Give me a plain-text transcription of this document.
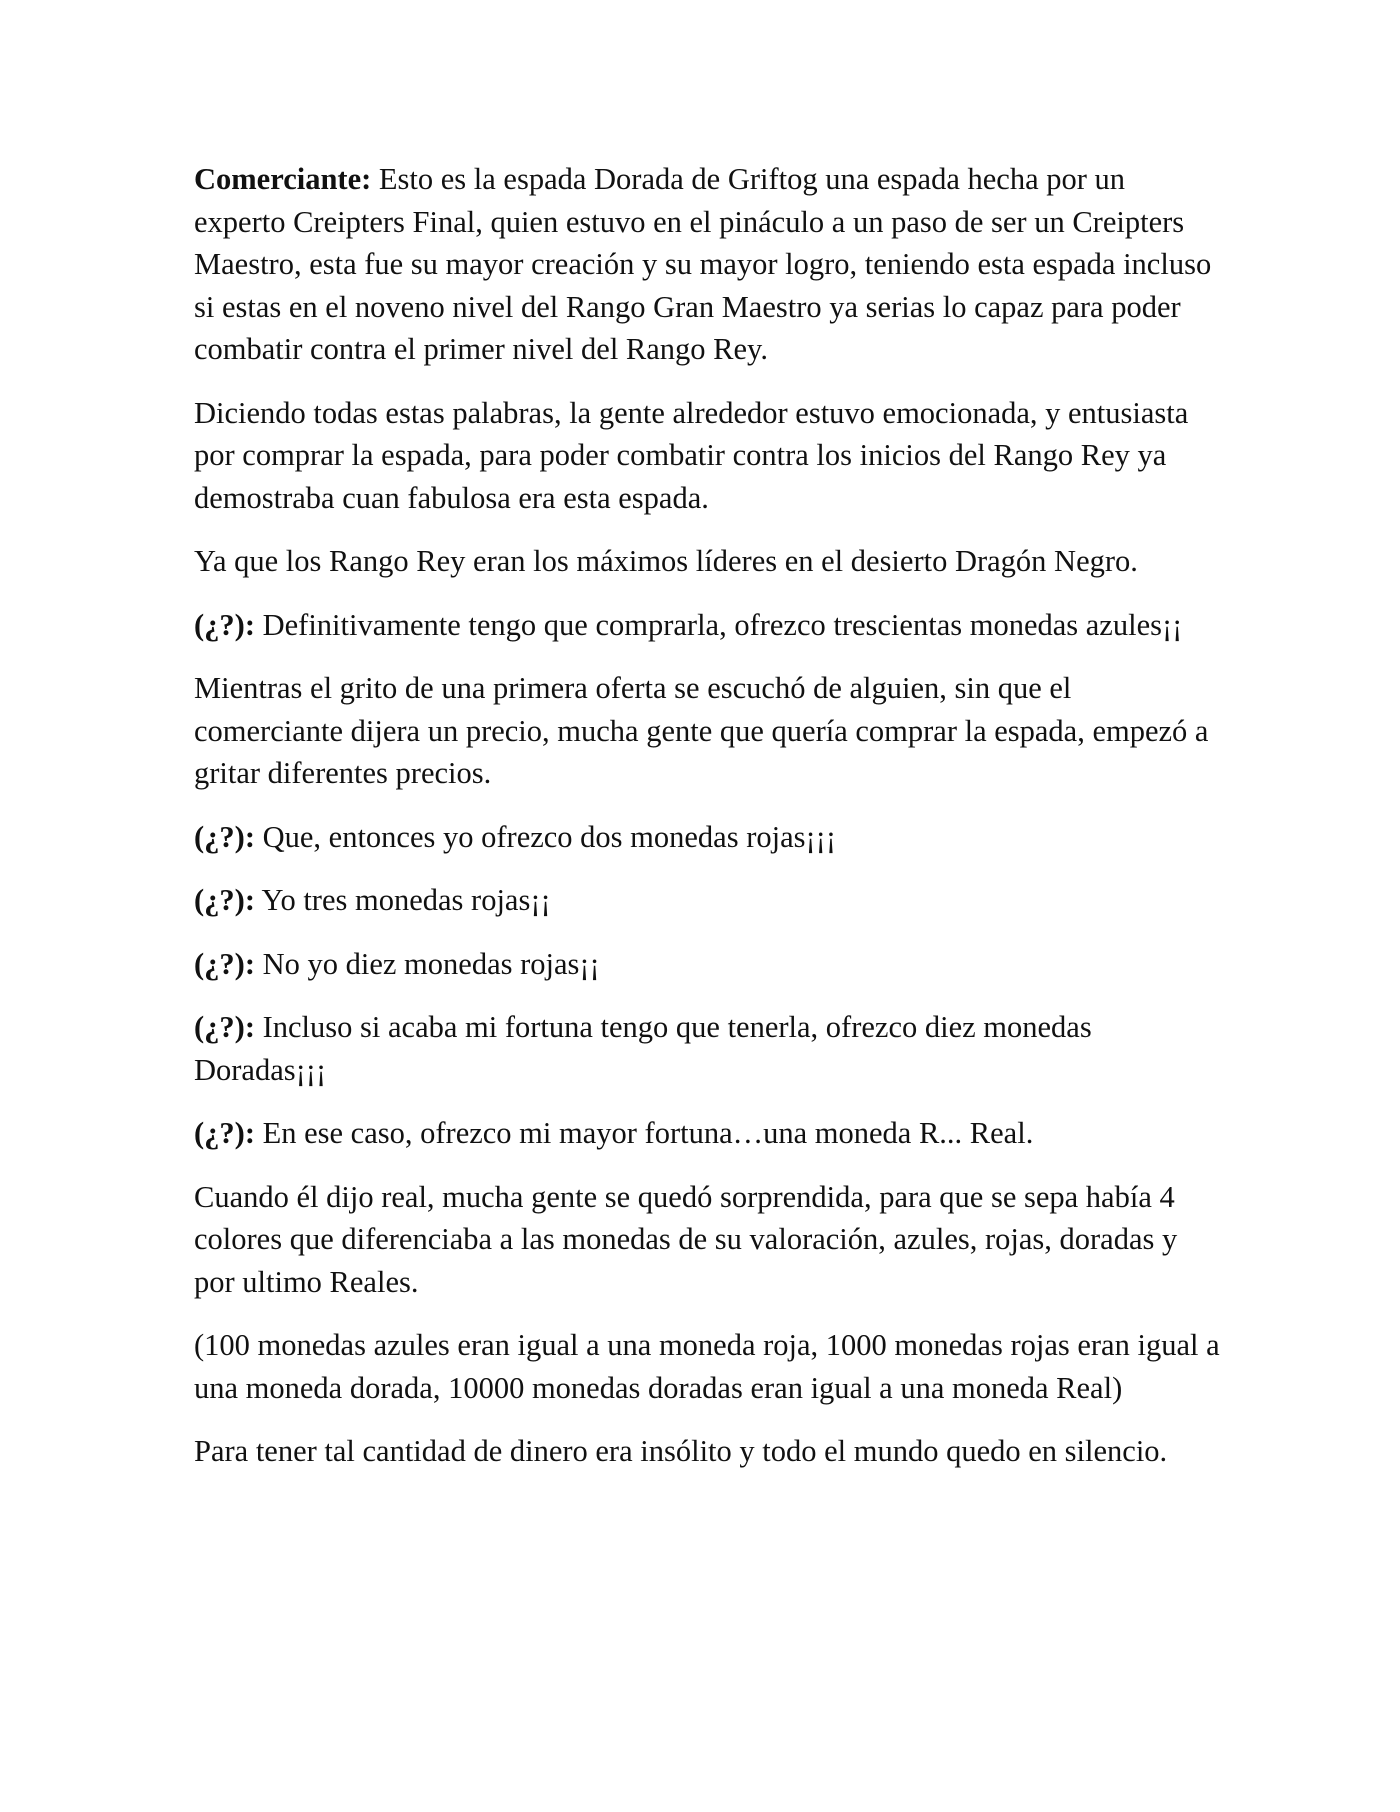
Comerciante: Esto es la espada Dorada de Griftog una espada hecha por un experto Creipters Final, quien estuvo en el pináculo a un paso de ser un Creipters Maestro, esta fue su mayor creación y su mayor logro, teniendo esta espada incluso si estas en el noveno nivel del Rango Gran Maestro ya serias lo capaz para poder combatir contra el primer nivel del Rango Rey.

Diciendo todas estas palabras, la gente alrededor estuvo emocionada, y entusiasta por comprar la espada, para poder combatir contra los inicios del Rango Rey ya demostraba cuan fabulosa era esta espada.

Ya que los Rango Rey eran los máximos líderes en el desierto Dragón Negro.

(¿?): Definitivamente tengo que comprarla, ofrezco trescientas monedas azules¡¡

Mientras el grito de una primera oferta se escuchó de alguien, sin que el comerciante dijera un precio, mucha gente que quería comprar la espada, empezó a gritar diferentes precios.

(¿?): Que, entonces yo ofrezco dos monedas rojas¡¡¡

(¿?): Yo tres monedas rojas¡¡

(¿?): No yo diez monedas rojas¡¡

(¿?): Incluso si acaba mi fortuna tengo que tenerla, ofrezco diez monedas Doradas¡¡¡

(¿?): En ese caso, ofrezco mi mayor fortuna…una moneda R... Real.

Cuando él dijo real, mucha gente se quedó sorprendida, para que se sepa había 4 colores que diferenciaba a las monedas de su valoración, azules, rojas, doradas y por ultimo Reales.

(100 monedas azules eran igual a una moneda roja, 1000 monedas rojas eran igual a una moneda dorada, 10000 monedas doradas eran igual a una moneda Real)

Para tener tal cantidad de dinero era insólito y todo el mundo quedo en silencio.
